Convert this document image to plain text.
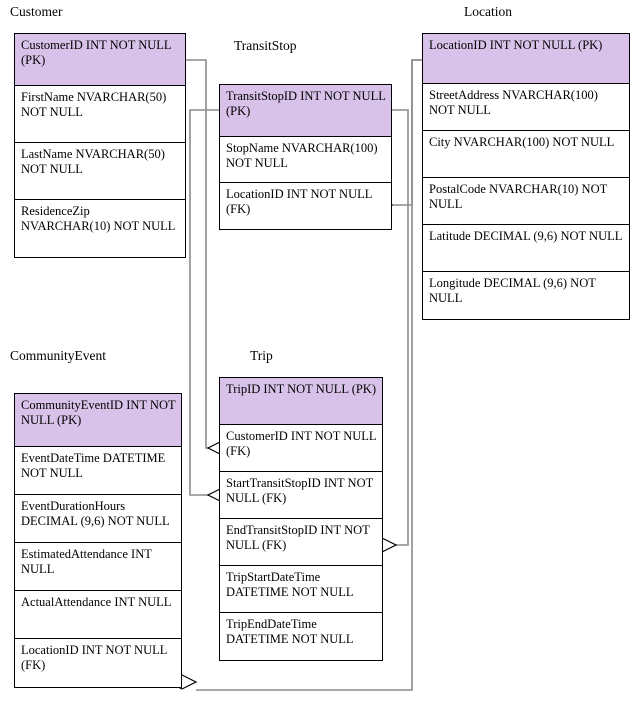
Customer
CustomerID INT NOT NULL (PK)
FirstName NVARCHAR(50) NOT NULL
LastName NVARCHAR(50) NOT NULL
ResidenceZip NVARCHAR(10) NOT NULL
TransitStop
TransitStopID INT NOT NULL (PK)
StopName NVARCHAR(100) NOT NULL
LocationID INT NOT NULL (FK)
Location
LocationID INT NOT NULL (PK)
StreetAddress NVARCHAR(100) NOT NULL
City NVARCHAR(100) NOT NULL
PostalCode NVARCHAR(10) NOT NULL
Latitude DECIMAL (9,6) NOT NULL
Longitude DECIMAL (9,6) NOT NULL
CommunityEvent
CommunityEventID INT NOT NULL (PK)
EventDateTime DATETIME NOT NULL
EventDurationHours DECIMAL (9,6) NOT NULL
EstimatedAttendance INT NULL
ActualAttendance INT NULL
LocationID INT NOT NULL (FK)
Trip
TripID INT NOT NULL (PK)
CustomerID INT NOT NULL (FK)
StartTransitStopID INT NOT NULL (FK)
EndTransitStopID INT NOT NULL (FK)
TripStartDateTime DATETIME NOT NULL
TripEndDateTime DATETIME NOT NULL
